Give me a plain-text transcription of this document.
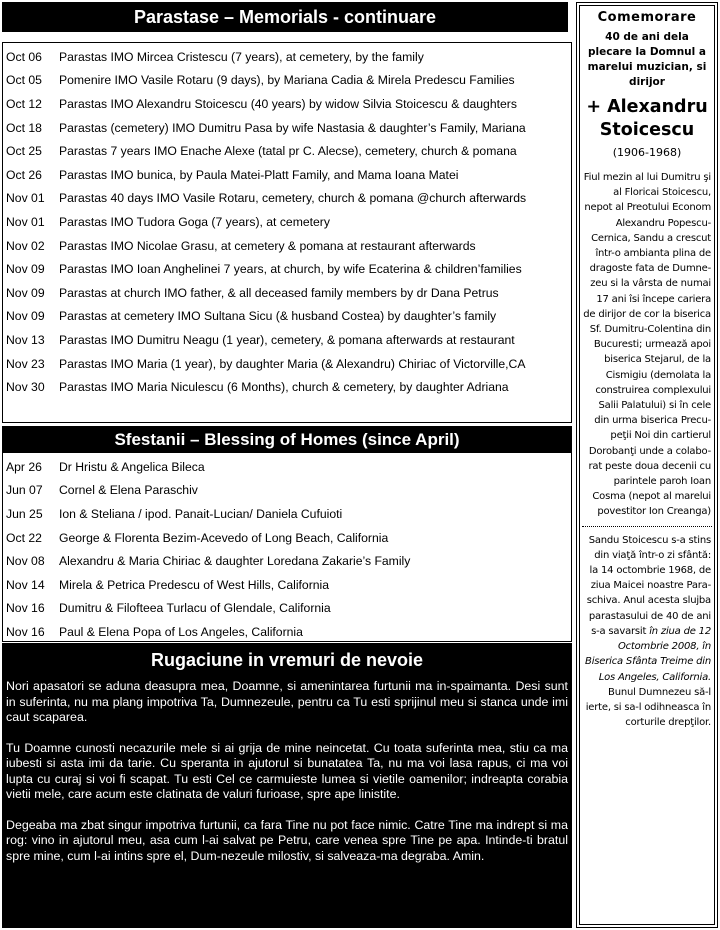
Parastase – Memorials - continuare
Oct 06	Parastas IMO Mircea Cristescu (7 years), at cemetery, by the family
Oct 05	Pomenire IMO Vasile Rotaru (9 days), by Mariana Cadia & Mirela Predescu Families
Oct 12	Parastas IMO Alexandru Stoicescu (40 years) by widow Silvia Stoicescu & daughters
Oct 18	Parastas (cemetery) IMO Dumitru Pasa by wife Nastasia & daughter’s Family, Mariana
Oct 25	Parastas 7 years IMO Enache Alexe (tatal pr C. Alecse), cemetery, church & pomana
Oct 26	Parastas IMO bunica, by Paula Matei-Platt Family, and Mama Ioana Matei
Nov 01	Parastas 40 days IMO Vasile Rotaru, cemetery, church & pomana @church afterwards
Nov 01	Parastas IMO Tudora Goga (7 years), at cemetery
Nov 02	Parastas IMO Nicolae Grasu, at cemetery & pomana at restaurant afterwards
Nov 09	Parastas IMO Ioan Anghelinei 7 years, at church, by wife Ecaterina & children’families
Nov 09	Parastas at church IMO father, & all deceased family members by dr Dana Petrus
Nov 09	Parastas at cemetery IMO Sultana Sicu (& husband Costea) by daughter’s family
Nov 13	Parastas IMO Dumitru Neagu (1 year), cemetery, & pomana afterwards at restaurant
Nov 23	Parastas IMO Maria (1 year), by daughter Maria (& Alexandru) Chiriac of Victorville,CA
Nov 30	Parastas IMO Maria Niculescu (6 Months), church & cemetery, by daughter Adriana
Sfestanii – Blessing of Homes (since April)
Apr 26	Dr Hristu & Angelica Bileca
Jun 07	Cornel & Elena Paraschiv
Jun 25	Ion & Steliana / ipod. Panait-Lucian/ Daniela Cufuioti
Oct 22	George & Florenta Bezim-Acevedo of Long Beach, California
Nov 08	Alexandru & Maria Chiriac & daughter Loredana Zakarie’s Family
Nov 14	Mirela & Petrica Predescu of West Hills, California
Nov 16	Dumitru & Filofteea Turlacu of Glendale, California
Nov 16	Paul & Elena Popa of Los Angeles, California
Rugaciune in vremuri de nevoie

Nori apasatori se aduna deasupra mea, Doamne, si amenintarea furtunii ma in-spaimanta. Desi sunt in suferinta, nu ma plang impotriva Ta, Dumnezeule, pentru ca Tu esti sprijinul meu si stanca unde imi caut scaparea.

Tu Doamne cunosti necazurile mele si ai grija de mine neincetat. Cu toata suferinta mea, stiu ca ma iubesti si asta imi da tarie. Cu speranta in ajutorul si bunatatea Ta, nu ma voi lasa rapus, ci ma voi lupta cu curaj si voi fi scapat. Tu esti Cel ce carmuieste lumea si vietile oamenilor; indreapta corabia vietii mele, care acum este clatinata de valuri furioase, spre ape linistite.

Degeaba ma zbat singur impotriva furtunii, ca fara Tine nu pot face nimic. Catre Tine ma indrept si ma rog: vino in ajutorul meu, asa cum l-ai salvat pe Petru, care venea spre Tine pe apa. Intinde-ti bratul spre mine, cum l-ai intins spre el, Dum-nezeule milostiv, si salveaza-ma degraba. Amin.

Comemorare
40 de ani dela plecare la Domnul a marelui muzician, si dirijor
+ Alexandru Stoicescu
(1906-1968)
Fiul mezin al lui Dumitru şi al Floricai Stoicescu, nepot al Preotului Econom Alexandru Popescu-Cernica, Sandu a crescut într-o ambianta plina de dragoste fata de Dumne-zeu si la vârsta de numai 17 ani îsi începe cariera de dirijor de cor la biserica Sf. Dumitru-Colentina din Bucuresti; urmează apoi biserica Stejarul, de la Cismigiu (demolata la construirea complexului Salii Palatului) si în cele din urma biserica Precu-peţii Noi din cartierul Dorobanţi unde a colabo-rat peste doua decenii cu parintele paroh Ioan Cosma (nepot al marelui povestitor Ion Creanga)
Sandu Stoicescu s-a stins din viaţă într-o zi sfântă: la 14 octombrie 1968, de ziua Maicei noastre Para-schiva. Anul acesta slujba parastasului de 40 de ani s-a savarsit în ziua de 12 Octombrie 2008, în Biserica Sfânta Treime din Los Angeles, California. Bunul Dumnezeu să-l ierte, si sa-l odihneasca în corturile drepţilor.
